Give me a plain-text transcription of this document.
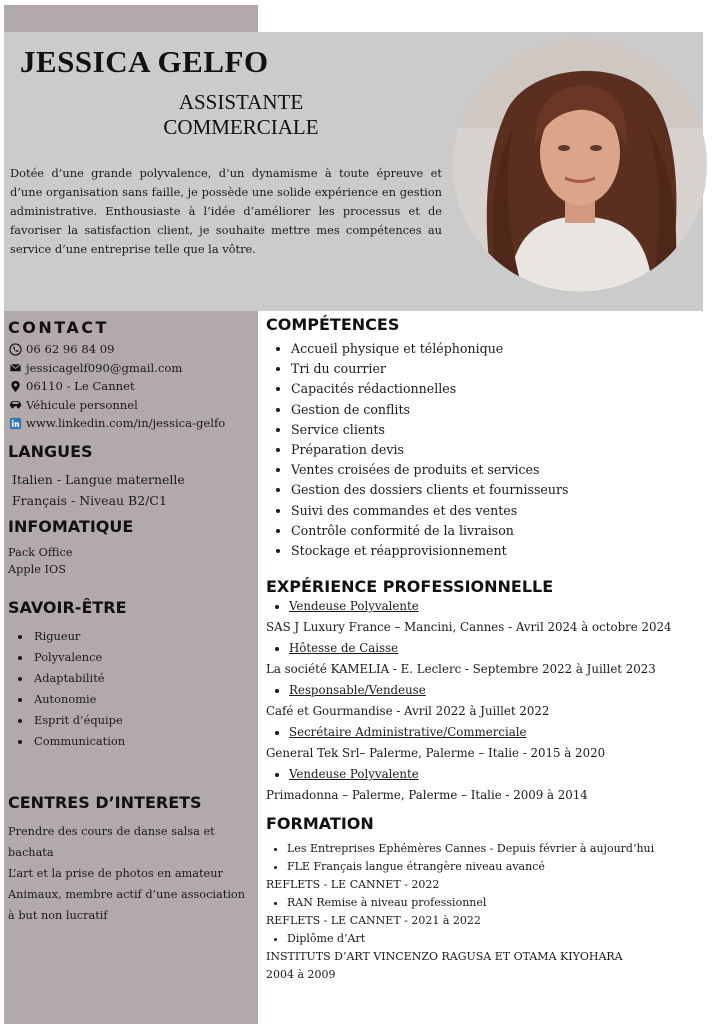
JESSICA GELFO
ASSISTANTE
COMMERCIALE

Dotée d’une grande polyvalence, d’un dynamisme à toute épreuve et d’une organisation sans faille, je possède une solide expérience en gestion administrative. Enthousiaste à l’idée d’améliorer les processus et de favoriser la satisfaction client, je souhaite mettre mes compétences au service d’une entreprise telle que la vôtre.

CONTACT
06 62 96 84 09
jessicagelf090@gmail.com
06110 - Le Cannet
Véhicule personnel
www.linkedin.com/in/jessica-gelfo
LANGUES
Italien - Langue maternelle
Français - Niveau B2/C1
INFOMATIQUE
Pack Office
Apple IOS
SAVOIR-ÊTRE
• Rigueur
• Polyvalence
• Adaptabilité
• Autonomie
• Esprit d’équipe
• Communication
CENTRES D’INTERETS
Prendre des cours de danse salsa et bachata
L’art et la prise de photos en amateur
Animaux, membre actif d’une association à but non lucratif
COMPÉTENCES
• Accueil physique et téléphonique
• Tri du courrier
• Capacités rédactionnelles
• Gestion de conflits
• Service clients
• Préparation devis
• Ventes croisées de produits et services
• Gestion des dossiers clients et fournisseurs
• Suivi des commandes et des ventes
• Contrôle conformité de la livraison
• Stockage et réapprovisionnement
EXPÉRIENCE PROFESSIONNELLE
• Vendeuse Polyvalente
SAS J Luxury France – Mancini, Cannes - Avril 2024 à octobre 2024
• Hôtesse de Caisse
La société KAMELIA - E. Leclerc - Septembre 2022 à Juillet 2023
• Responsable/Vendeuse
Café et Gourmandise - Avril 2022 à Juillet 2022
• Secrétaire Administrative/Commerciale
General Tek Srl– Palerme, Palerme – Italie - 2015 à 2020
• Vendeuse Polyvalente
Primadonna – Palerme, Palerme – Italie - 2009 à 2014
FORMATION
• Les Entreprises Ephémères Cannes - Depuis février à aujourd’hui
• FLE Français langue étrangère niveau avancé
REFLETS - LE CANNET - 2022
• RAN Remise à niveau professionnel
REFLETS - LE CANNET - 2021 à 2022
• Diplôme d’Art
INSTITUTS D’ART VINCENZO RAGUSA ET OTAMA KIYOHARA
2004 à 2009
